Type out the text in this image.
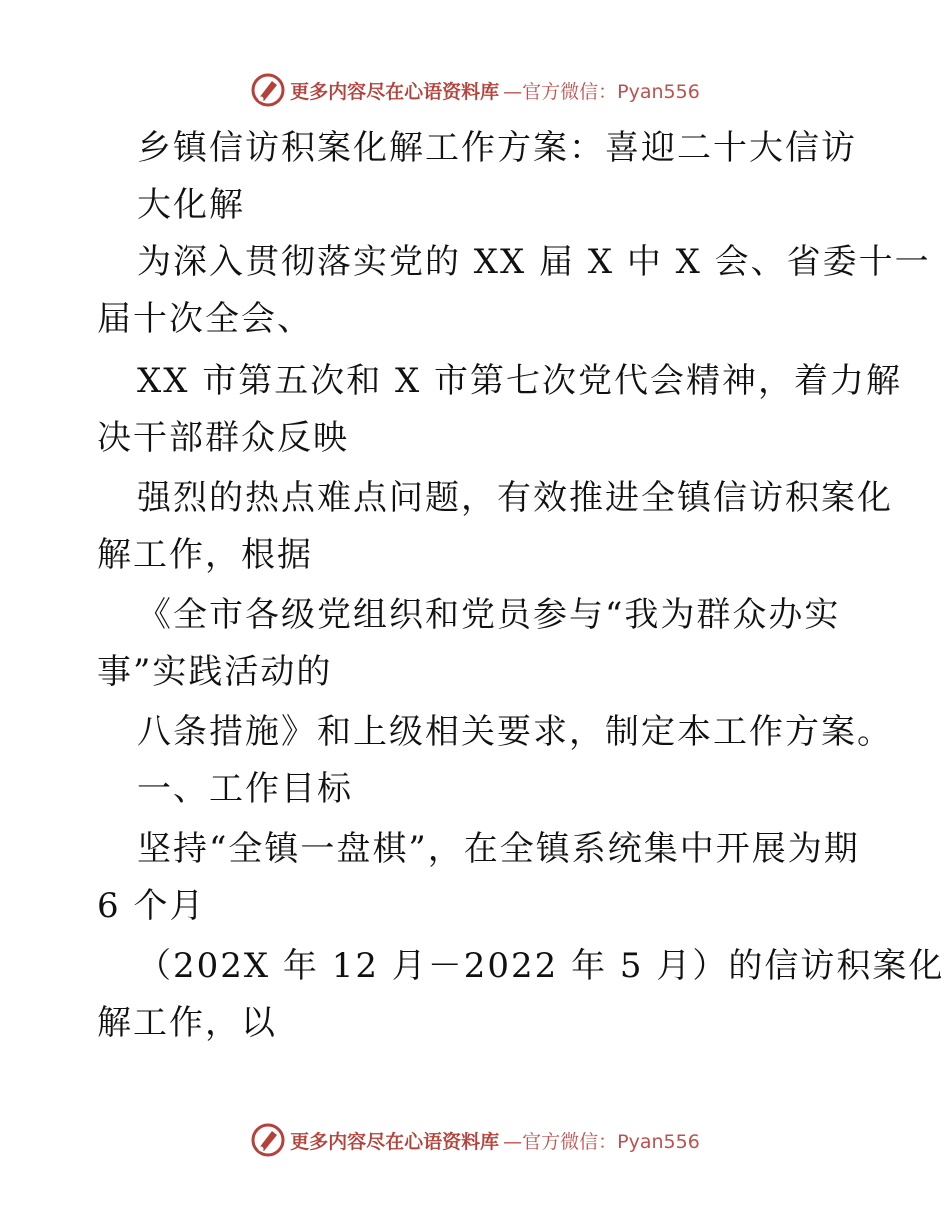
更多内容尽在心语资料库 —官方微信：Pyan556
乡镇信访积案化解工作方案：喜迎二十大信访
大化解
为深入贯彻落实党的 XX 届 X 中 X 会、省委十一
届十次全会、
XX 市第五次和 X 市第七次党代会精神，着力解
决干部群众反映
强烈的热点难点问题，有效推进全镇信访积案化
解工作，根据
《全市各级党组织和党员参与“我为群众办实
事”实践活动的
八条措施》和上级相关要求，制定本工作方案。
一、工作目标
坚持“全镇一盘棋”，在全镇系统集中开展为期
6 个月
（202X 年 12 月－2022 年 5 月）的信访积案化
解工作，以
更多内容尽在心语资料库 —官方微信：Pyan556
